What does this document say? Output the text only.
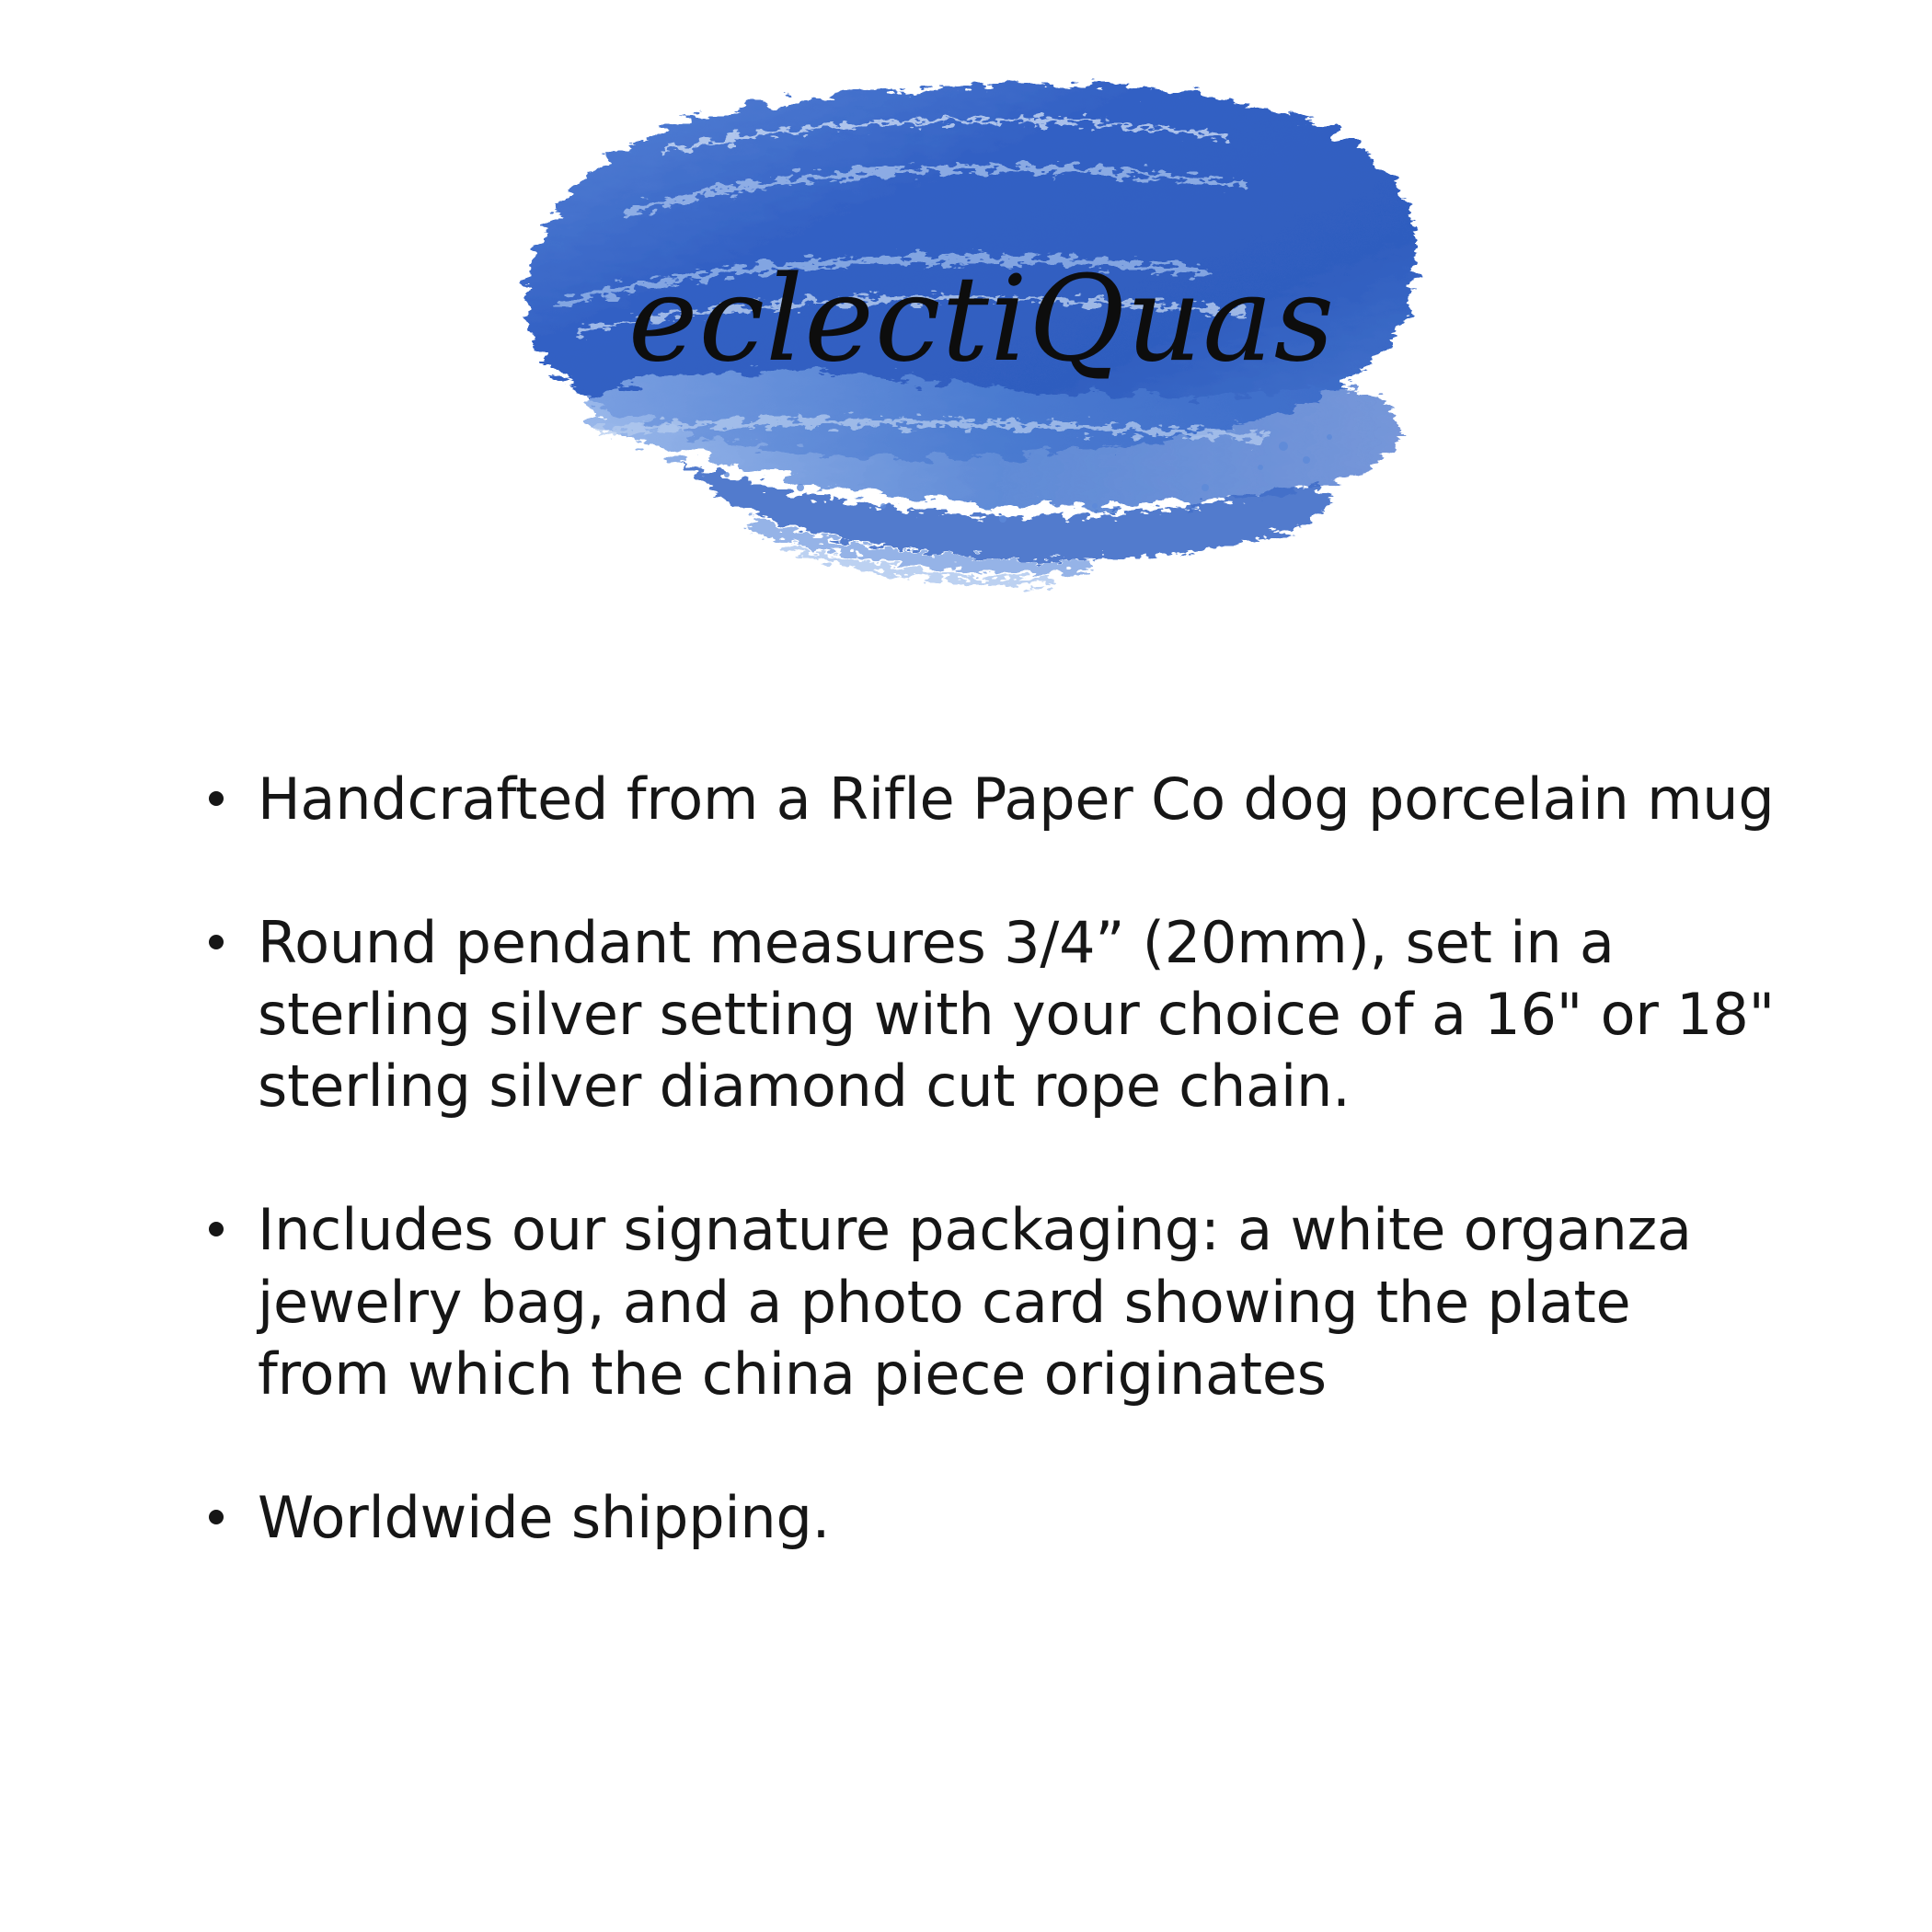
eclectiQuas
Handcrafted from a Rifle Paper Co dog porcelain mug
Round pendant measures 3/4” (20mm), set in a sterling silver setting with your choice of a 16" or 18" sterling silver diamond cut rope chain.
Includes our signature packaging: a white organza jewelry bag, and a photo card showing the plate from which the china piece originates
Worldwide shipping.
